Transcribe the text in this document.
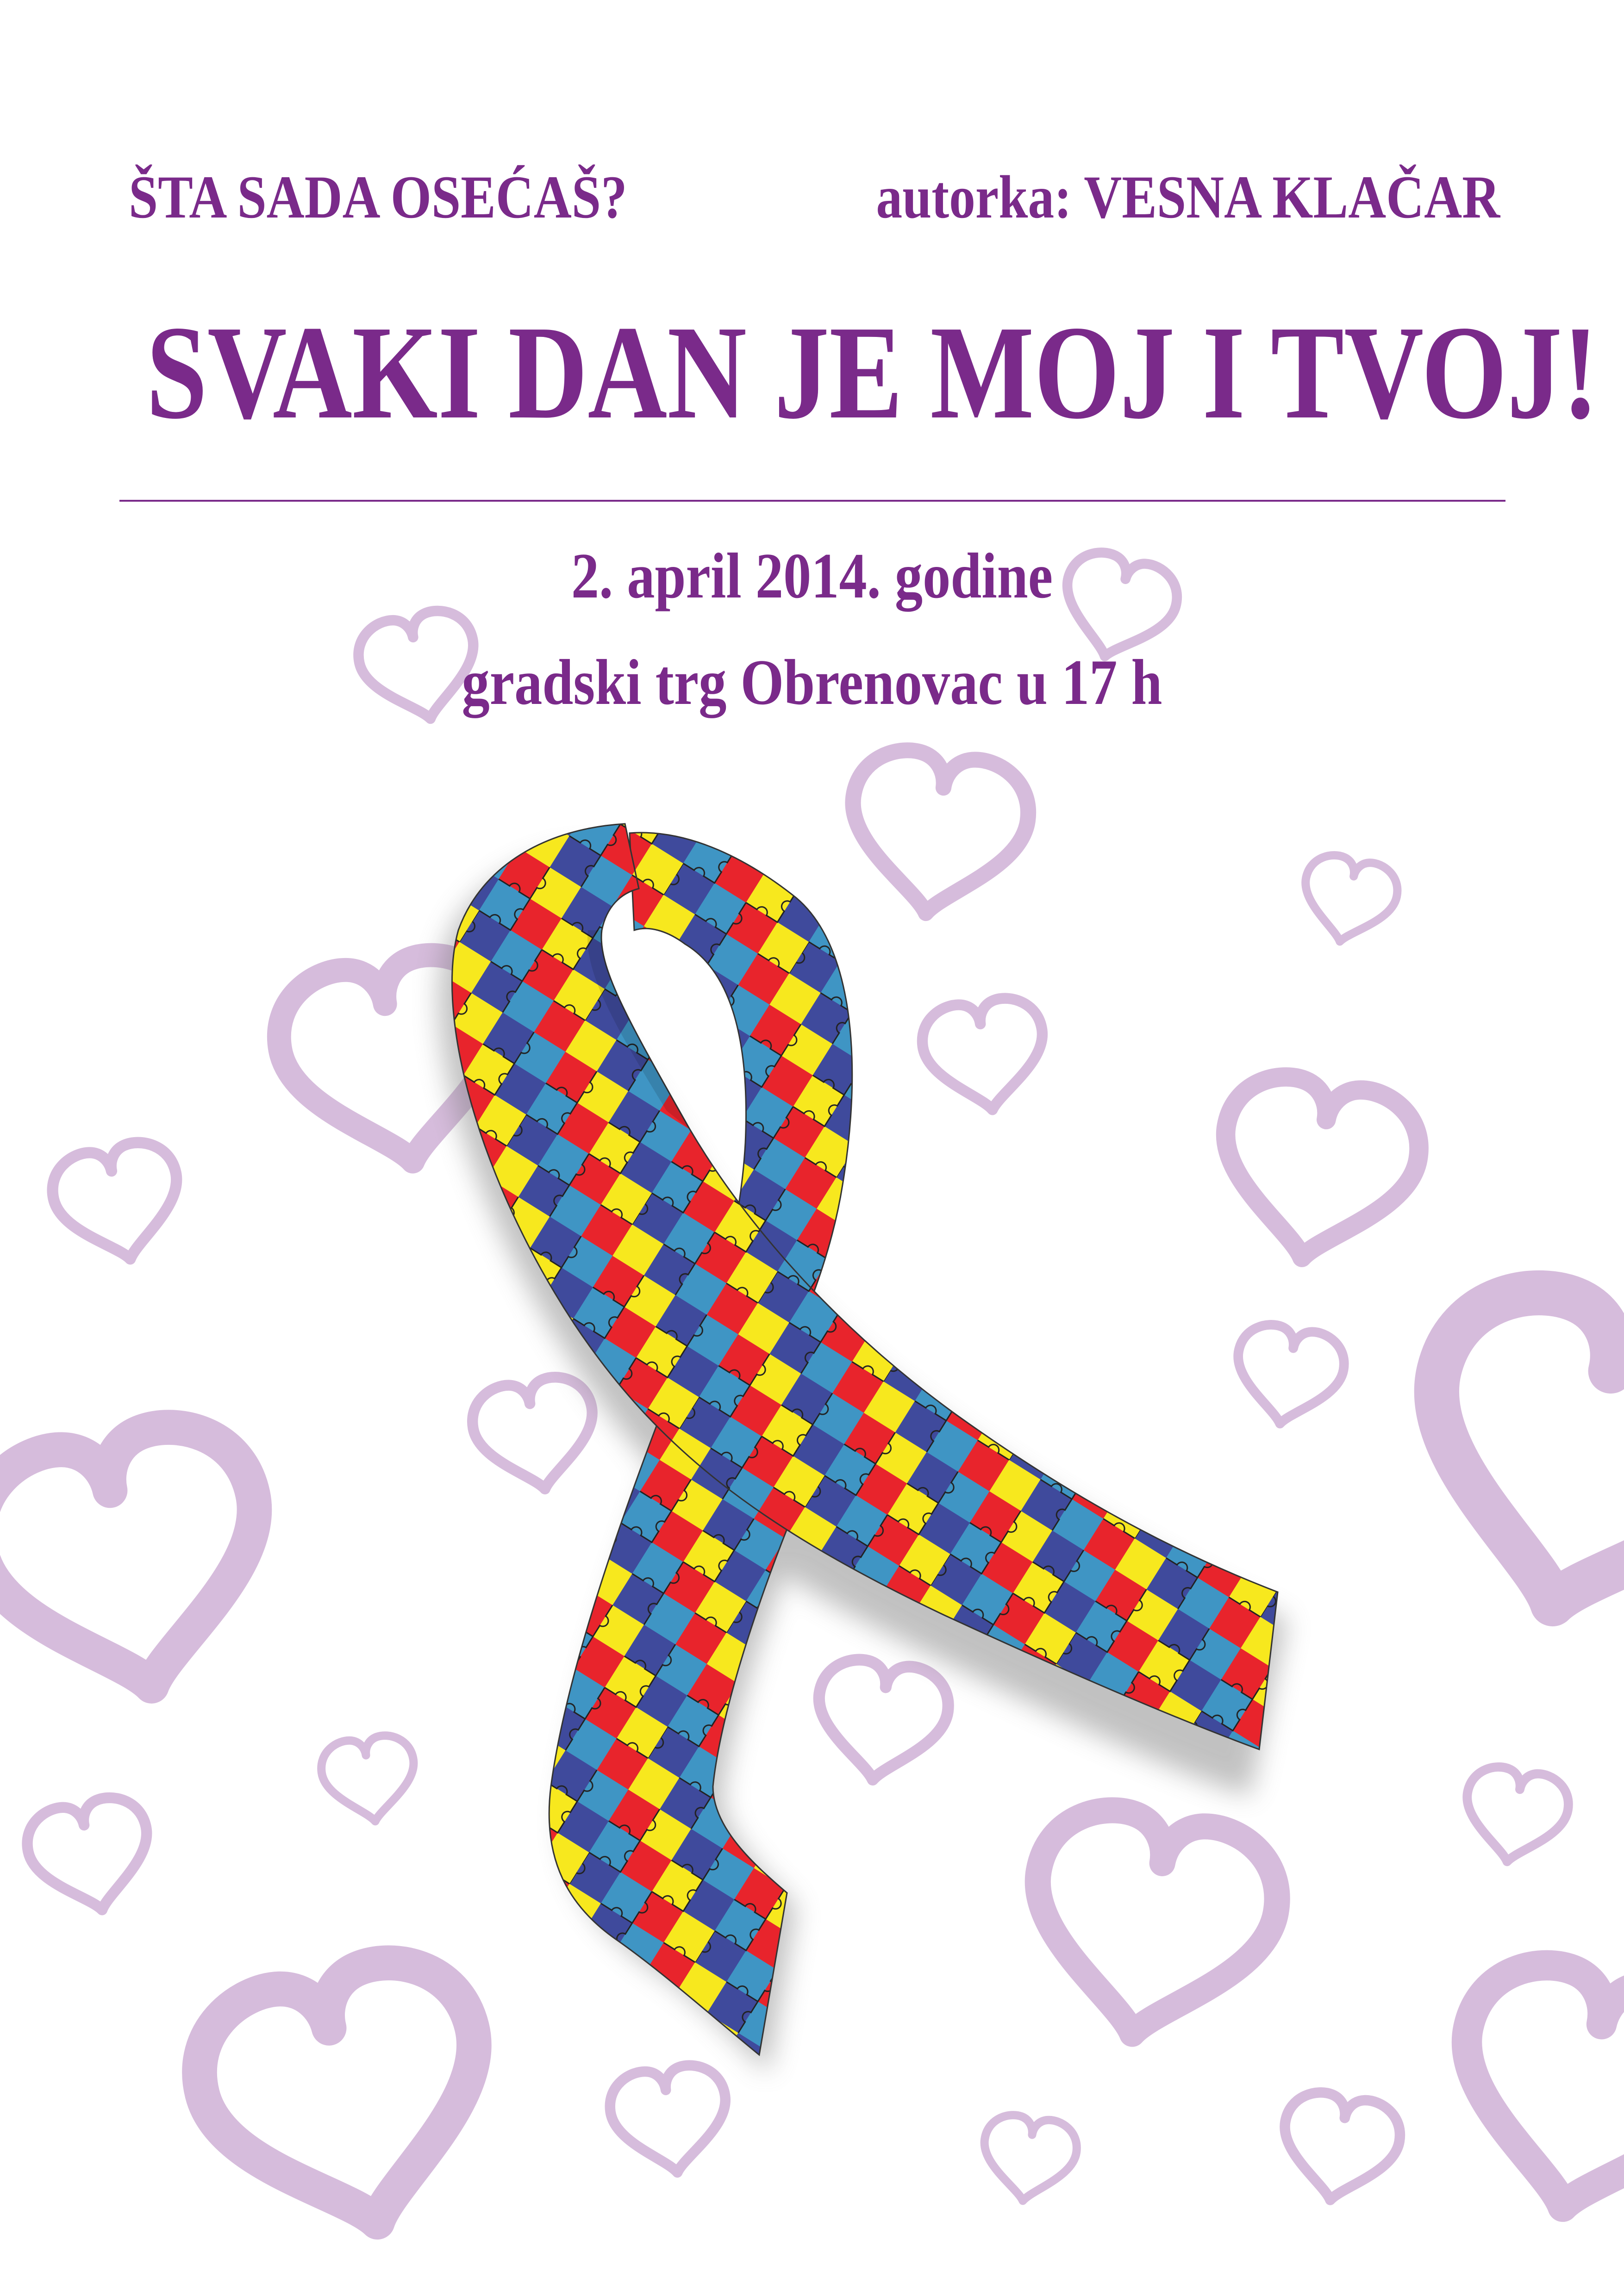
ŠTA SADA OSEĆAŠ?	autorka: VESNA KLAČAR
SVAKI DAN JE MOJ I TVOJ!
2. april 2014. godine
gradski trg Obrenovac u 17 h
